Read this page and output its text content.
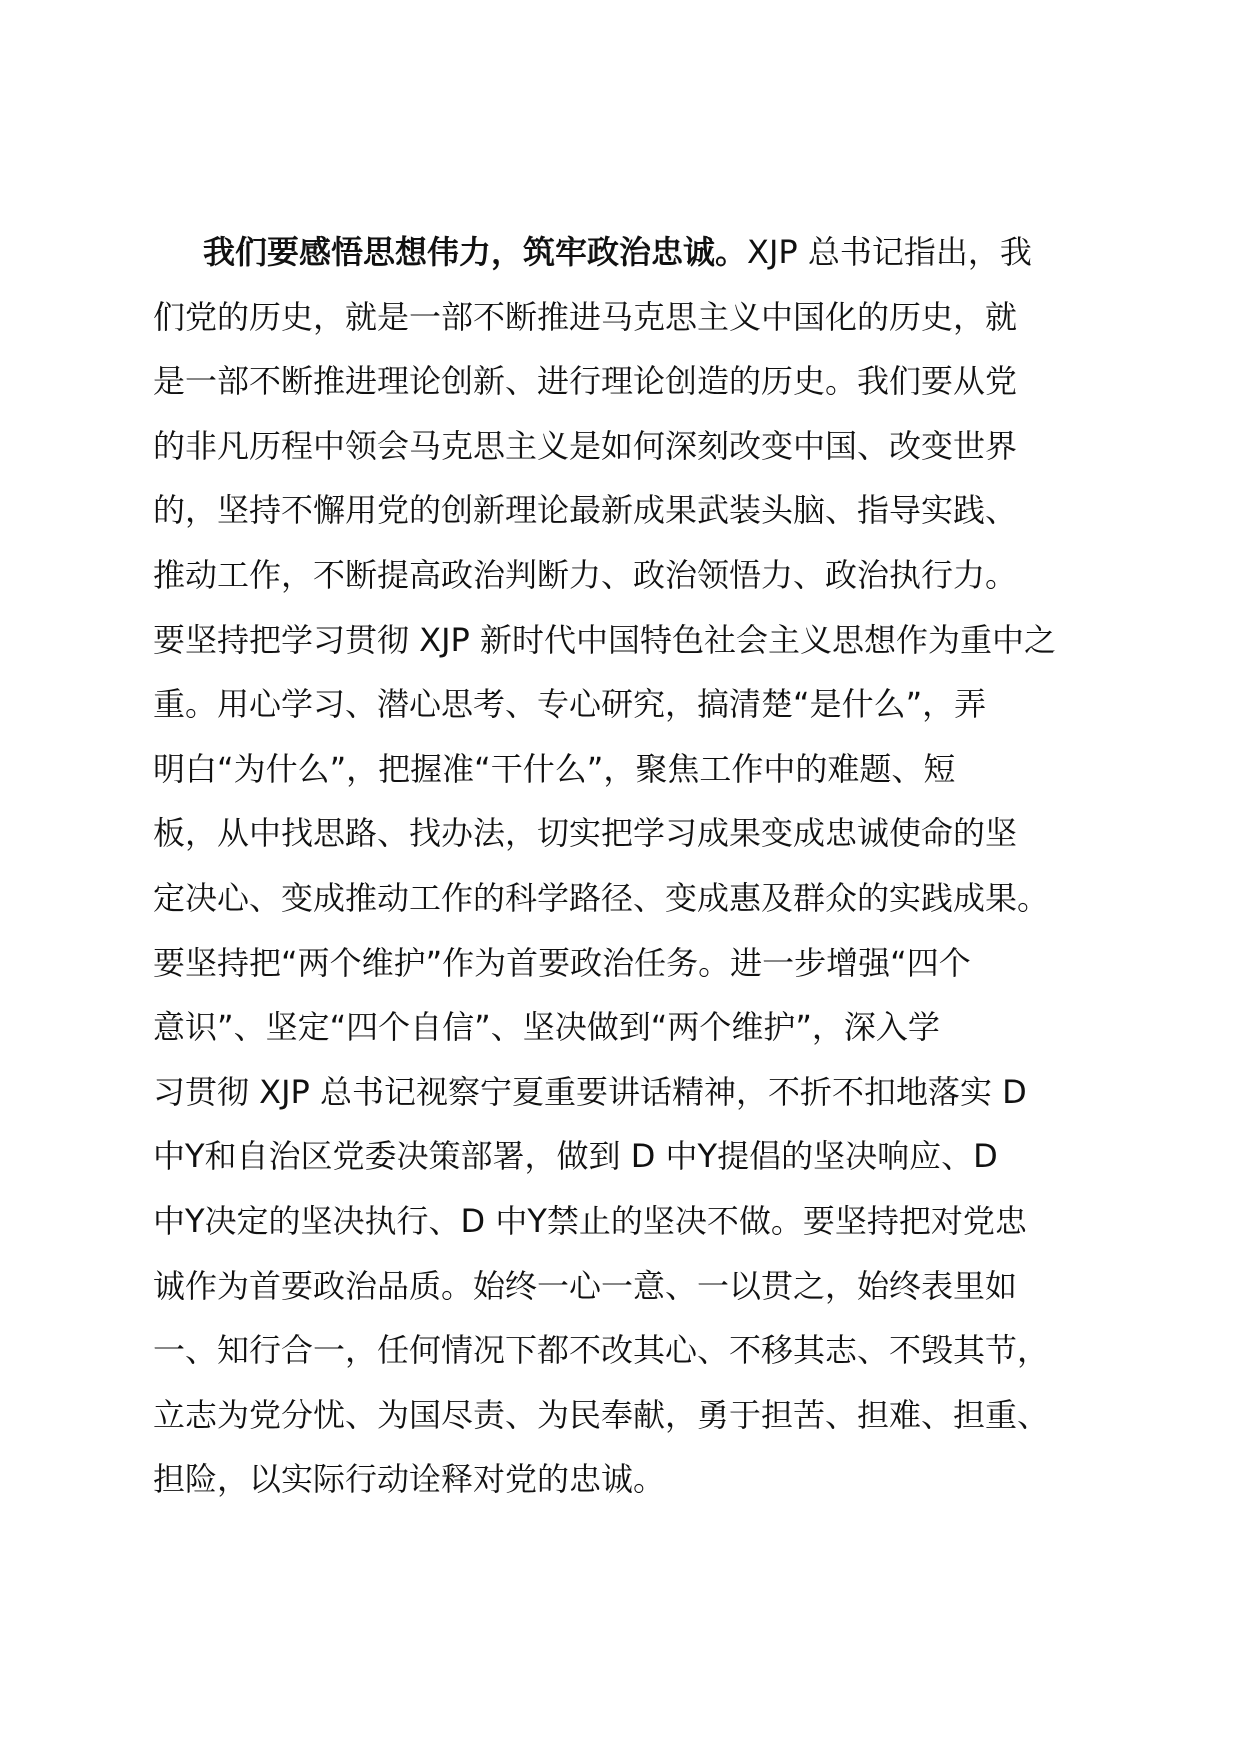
我们要感悟思想伟力，筑牢政治忠诚。XJP 总书记指出，我
们党的历史，就是一部不断推进马克思主义中国化的历史，就
是一部不断推进理论创新、进行理论创造的历史。我们要从党
的非凡历程中领会马克思主义是如何深刻改变中国、改变世界
的，坚持不懈用党的创新理论最新成果武装头脑、指导实践、
推动工作，不断提高政治判断力、政治领悟力、政治执行力。
要坚持把学习贯彻 XJP 新时代中国特色社会主义思想作为重中之
重。用心学习、潜心思考、专心研究，搞清楚“是什么”，弄
明白“为什么”，把握准“干什么”，聚焦工作中的难题、短
板，从中找思路、找办法，切实把学习成果变成忠诚使命的坚
定决心、变成推动工作的科学路径、变成惠及群众的实践成果。
要坚持把“两个维护”作为首要政治任务。进一步增强“四个
意识”、坚定“四个自信”、坚决做到“两个维护”，深入学
习贯彻 XJP 总书记视察宁夏重要讲话精神，不折不扣地落实 D
中Y和自治区党委决策部署，做到 D 中Y提倡的坚决响应、D
中Y决定的坚决执行、D 中Y禁止的坚决不做。要坚持把对党忠
诚作为首要政治品质。始终一心一意、一以贯之，始终表里如
一、知行合一，任何情况下都不改其心、不移其志、不毁其节，
立志为党分忧、为国尽责、为民奉献，勇于担苦、担难、担重、
担险，以实际行动诠释对党的忠诚。
